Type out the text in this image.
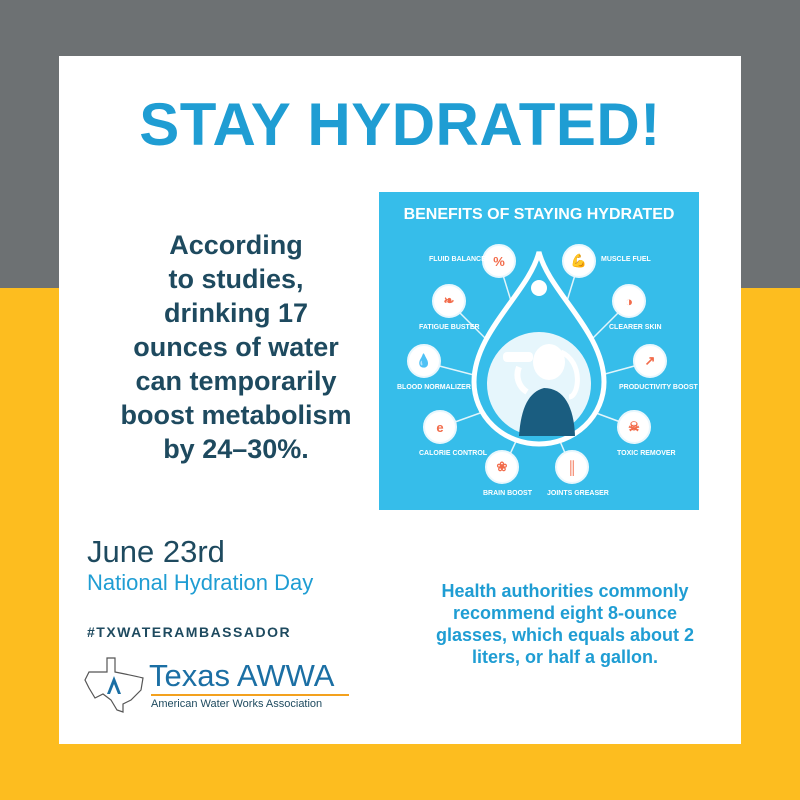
STAY HYDRATED!
According
to studies,
drinking 17
ounces of water
can temporarily
boost metabolism
by 24–30%.
BENEFITS OF STAYING HYDRATED
%
FLUID BALANCE	💪	MUSCLE FUEL
❧
FATIGUE BUSTER
◑
CLEARER SKIN
💧
BLOOD NORMALIZER
↗
PRODUCTIVITY BOOST
e
CALORIE CONTROL
☠
TOXIC REMOVER
❀
BRAIN BOOST
║
JOINTS GREASER
June 23rd
National Hydration Day
#TXWATERAMBASSADOR
Texas AWWA
American Water Works Association
Health authorities commonly recommend eight 8-ounce glasses, which equals about 2 liters, or half a gallon.
